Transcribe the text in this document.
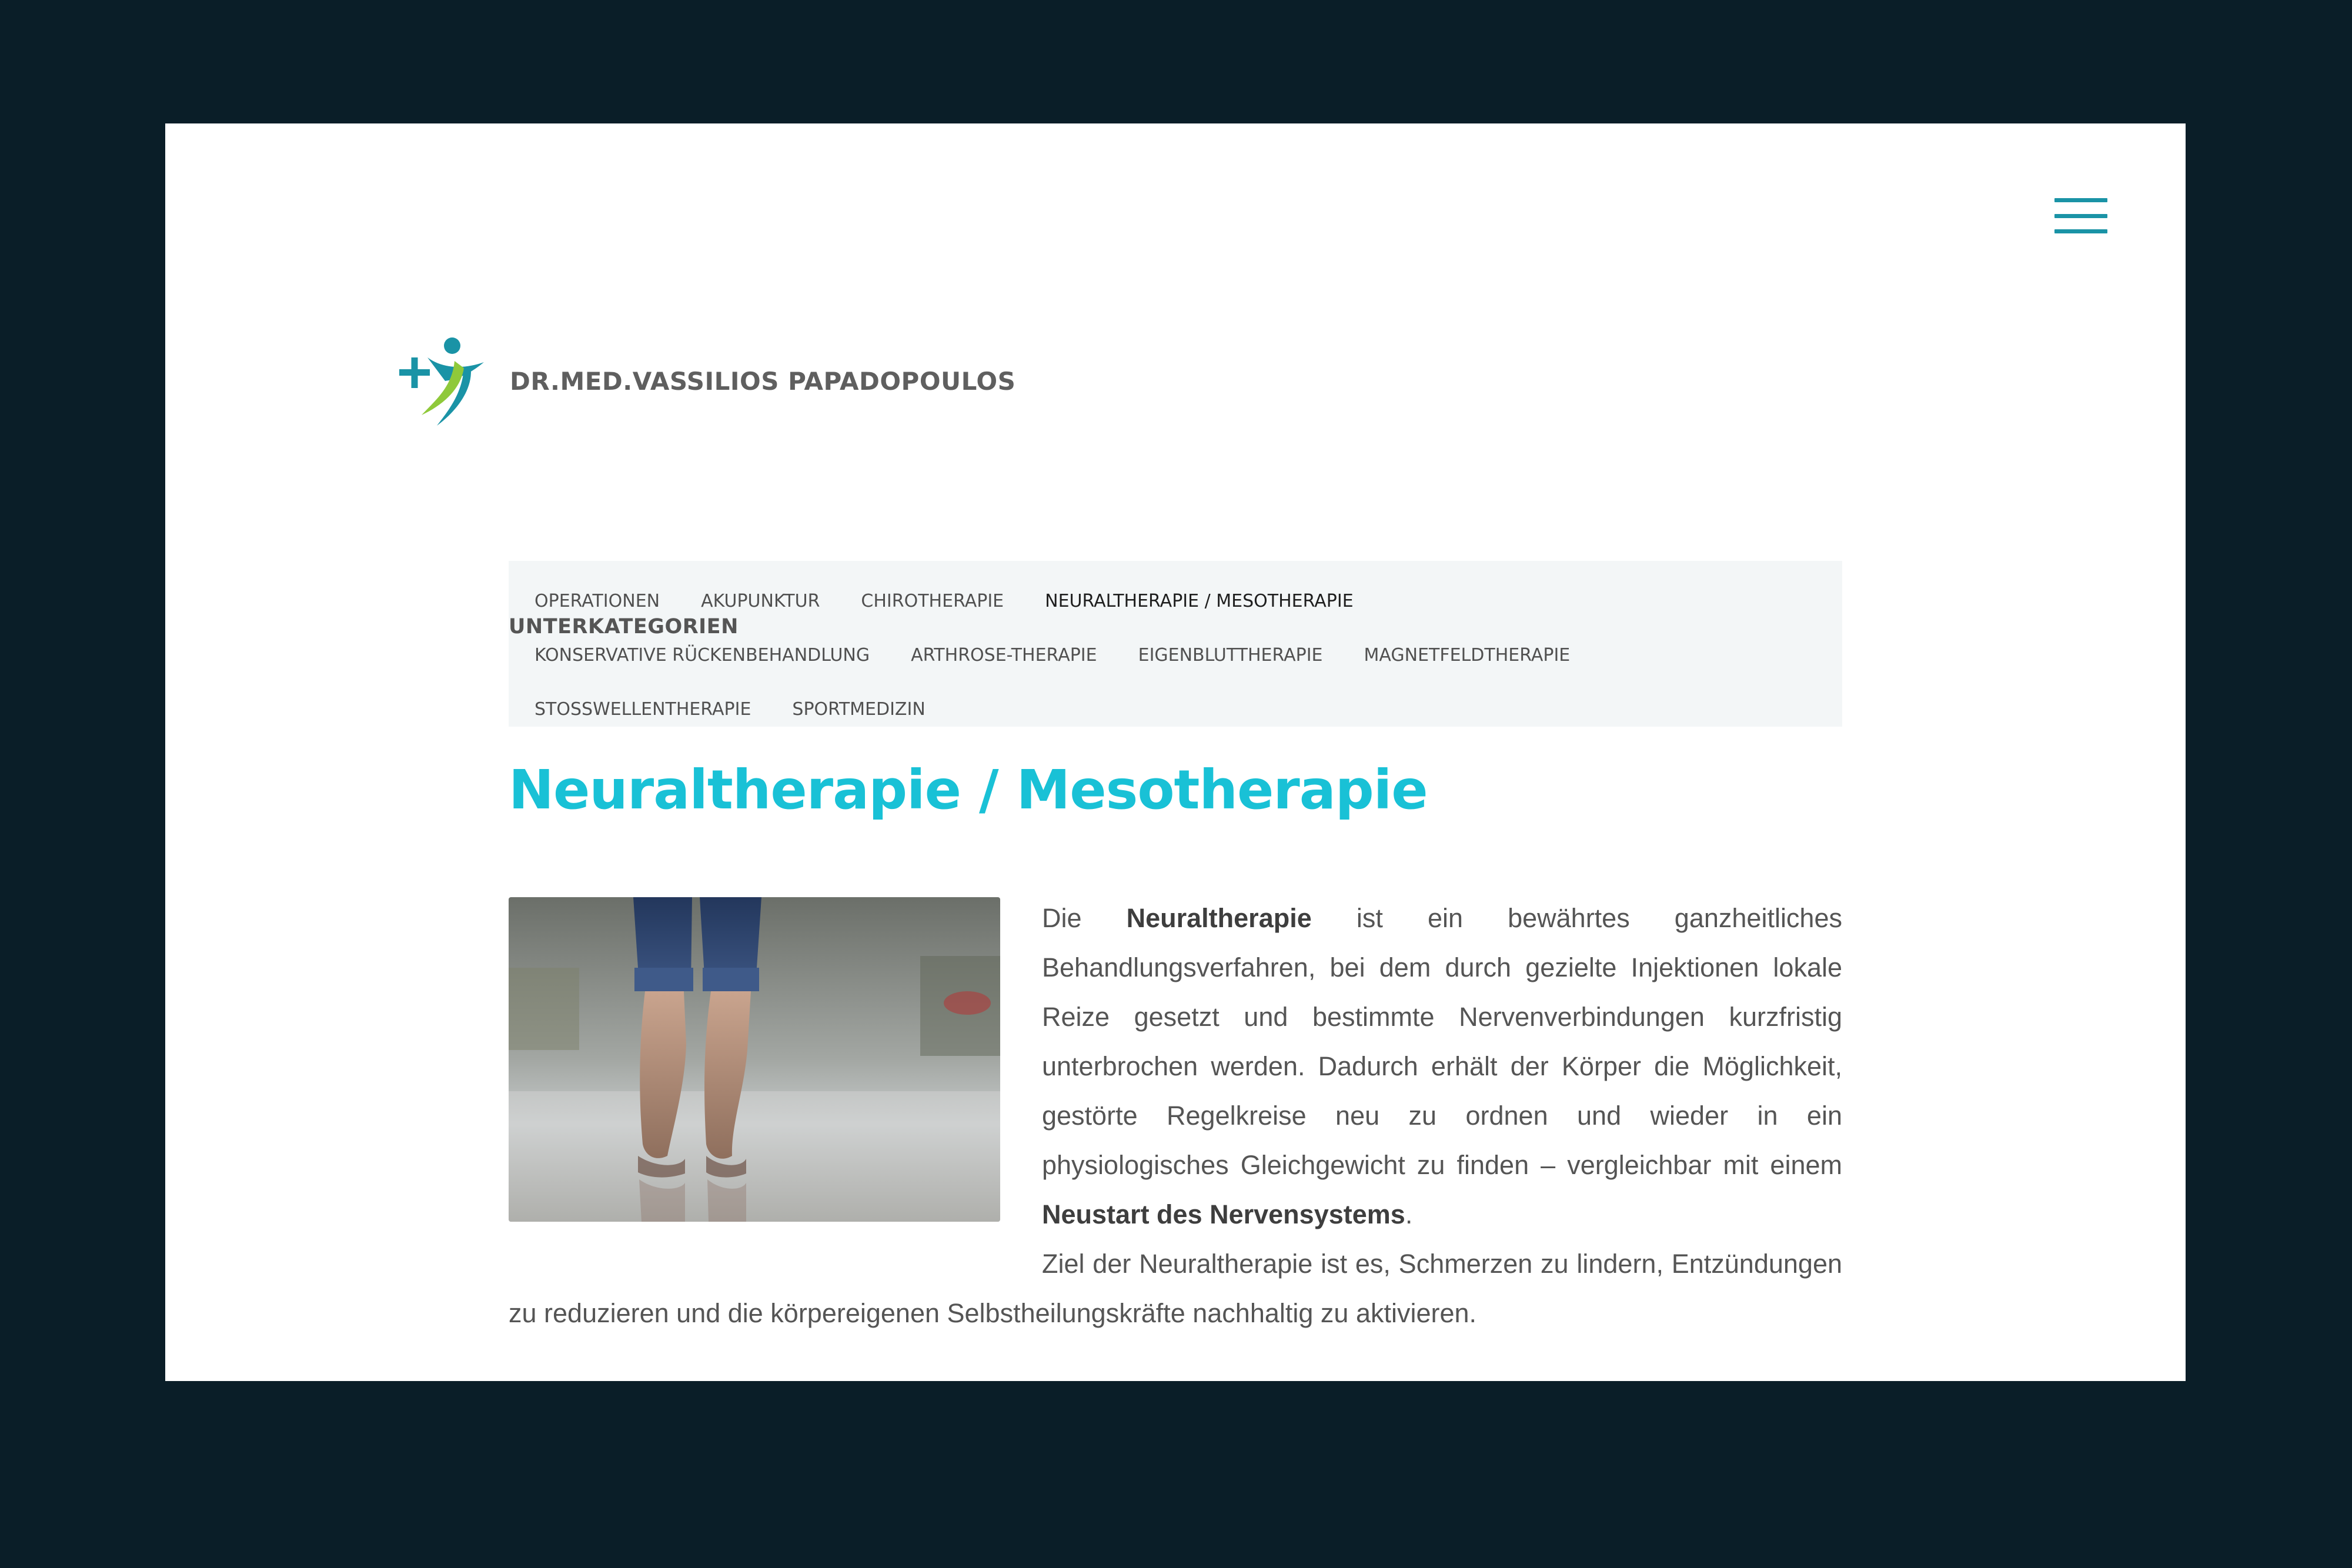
DR.MED.VASSILIOS PAPADOPOULOS
OPERATIONEN AKUPUNKTUR CHIROTHERAPIE NEURALTHERAPIE / MESOTHERAPIE
KONSERVATIVE RÜCKENBEHANDLUNG ARTHROSE-THERAPIE EIGENBLUTTHERAPIE MAGNETFELDTHERAPIE
STOSSWELLENTHERAPIE SPORTMEDIZIN
UNTERKATEGORIEN
Neuraltherapie / Mesotherapie

Die Neuraltherapie ist ein bewährtes ganzheitliches Behandlungsverfahren, bei dem durch gezielte Injektionen lokale Reize gesetzt und bestimmte Nervenverbindungen kurzfristig unterbrochen werden. Dadurch erhält der Körper die Möglichkeit, gestörte Regelkreise neu zu ordnen und wieder in ein physiologisches Gleichgewicht zu finden – vergleichbar mit einem Neustart des Nervensystems.

Ziel der Neuraltherapie ist es, Schmerzen zu lindern, Entzündungen zu reduzieren und die körpereigenen Selbstheilungskräfte nachhaltig zu aktivieren.
